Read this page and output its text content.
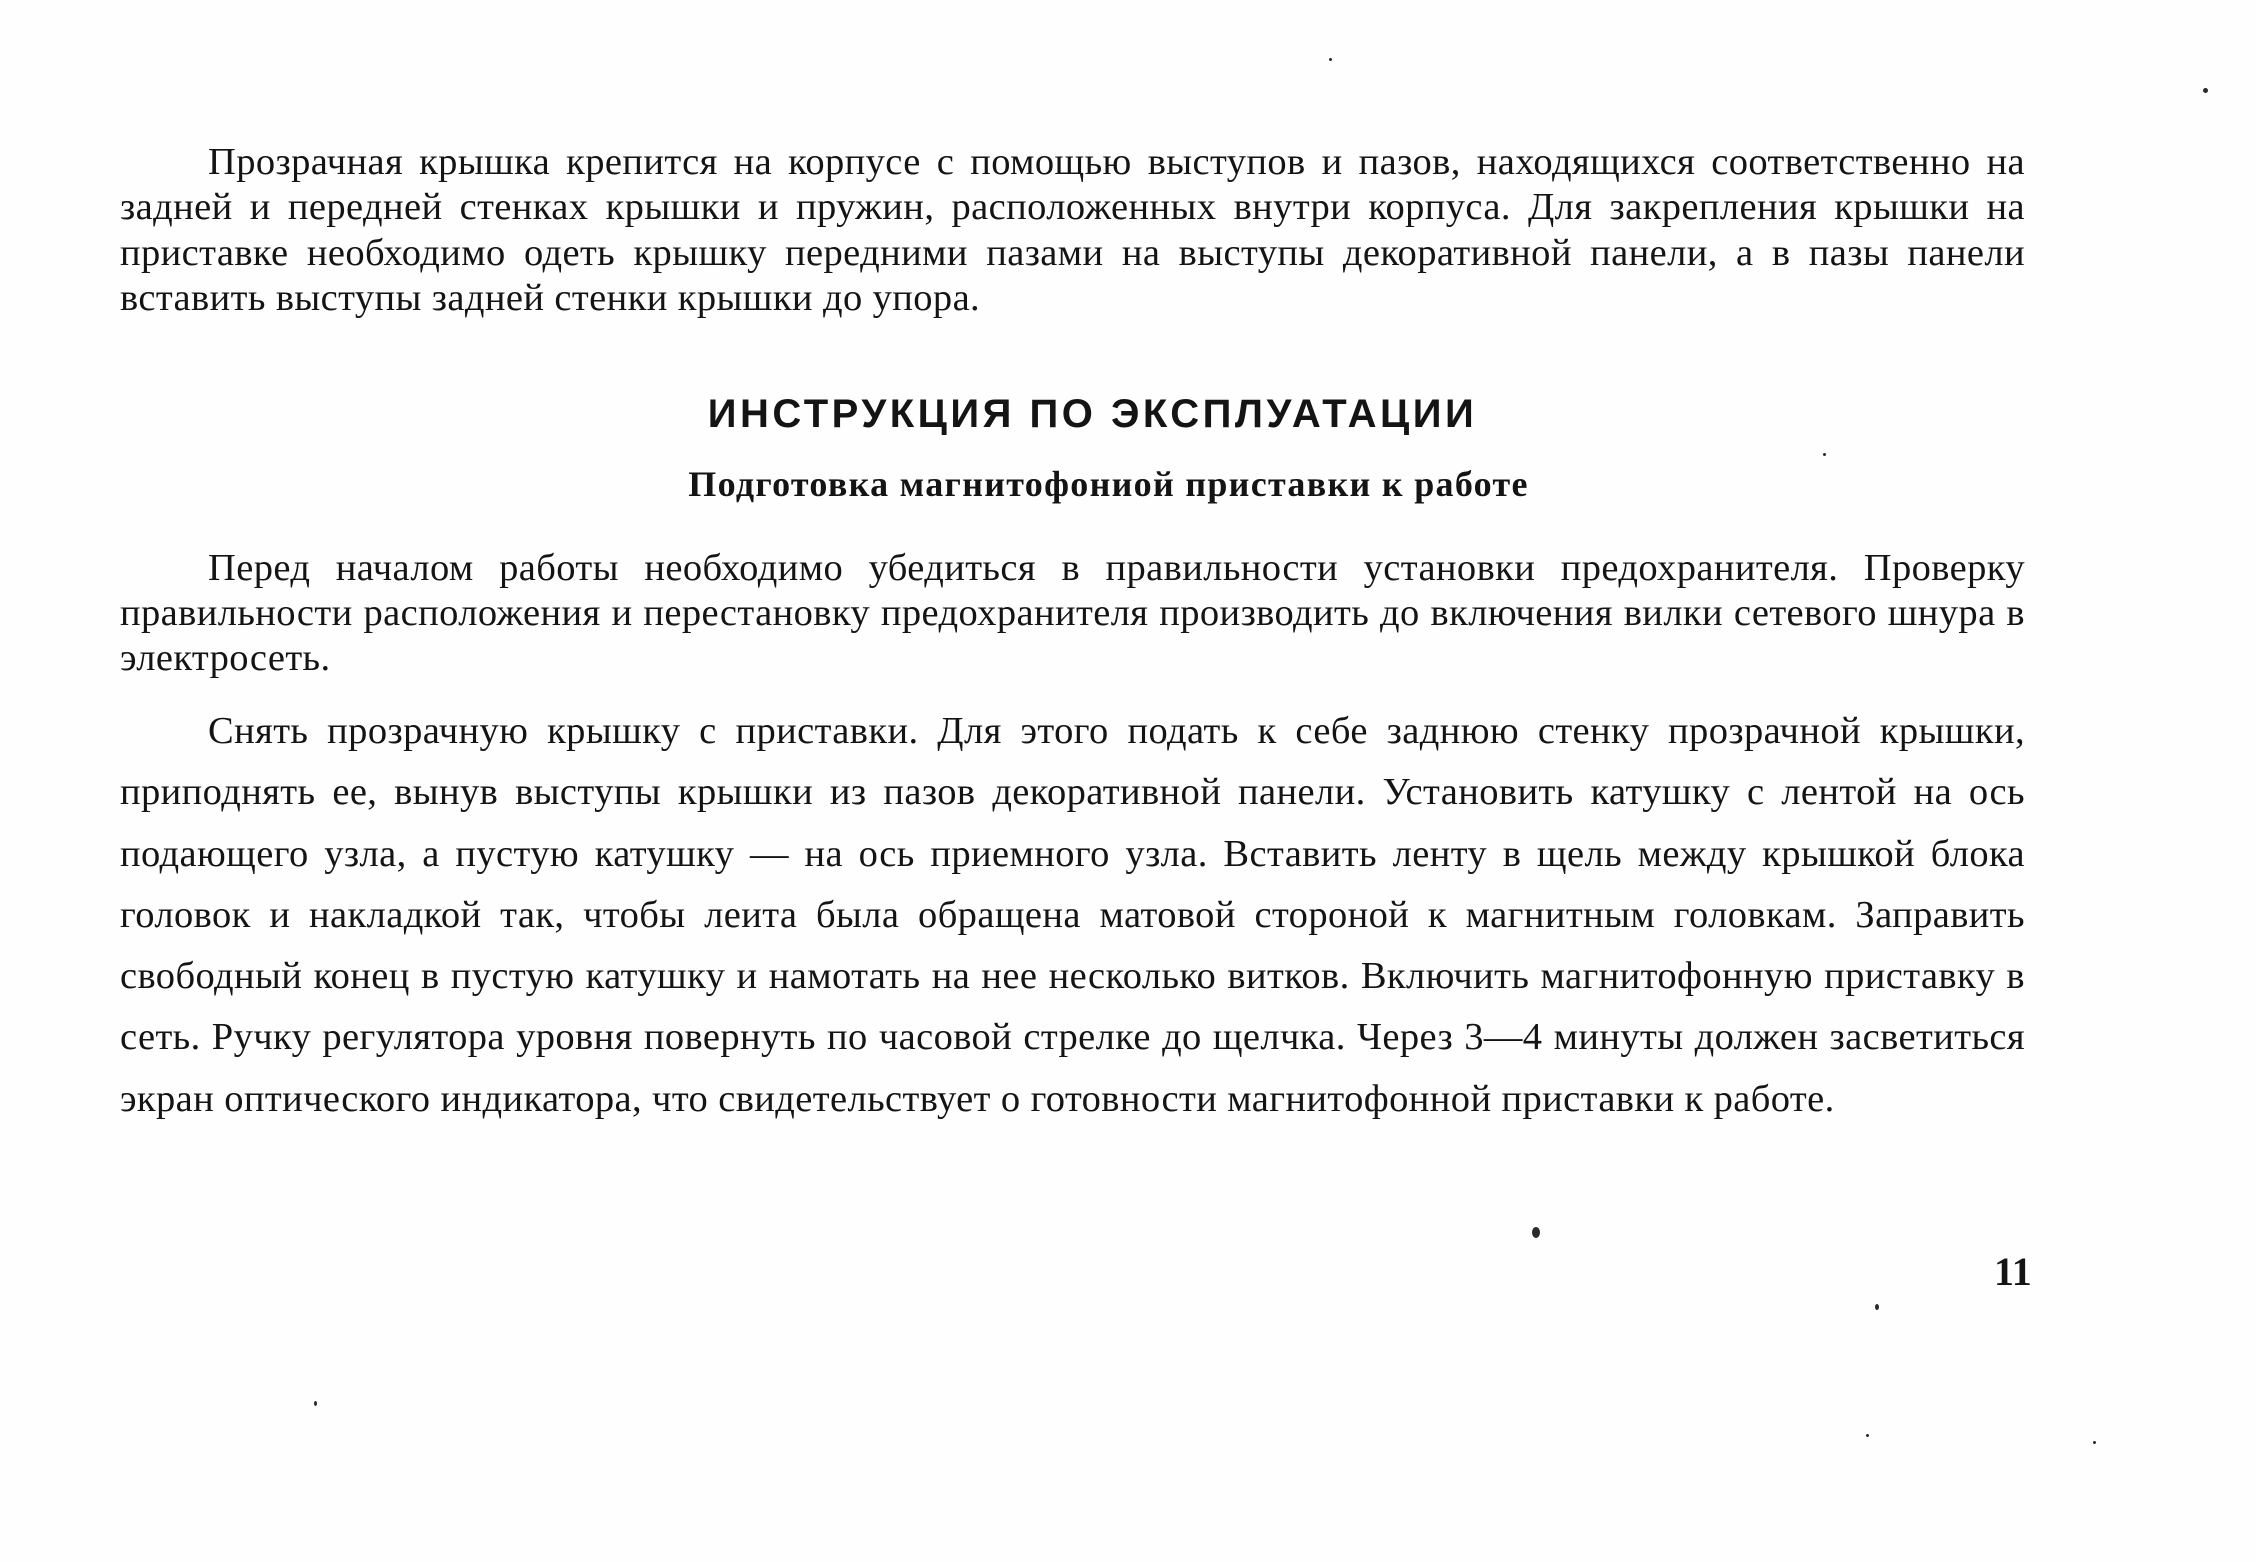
Прозрачная крышка крепится на корпусе с помощью выступов и пазов, находящихся соответственно на задней и передней стенках крышки и пружин, расположенных внутри корпуса. Для закрепления крышки на приставке необходимо одеть крышку передними пазами на выступы декоративной панели, а в пазы панели вставить выступы задней стенки крышки до упора.

ИНСТРУКЦИЯ ПО ЭКСПЛУАТАЦИИ
Подготовка магнитофониой приставки к работе

Перед началом работы необходимо убедиться в правильности установки предохранителя. Проверку правильности расположения и перестановку предохранителя производить до включения вилки сетевого шнура в электросеть.

Снять прозрачную крышку с приставки. Для этого подать к себе заднюю стенку прозрачной крышки, приподнять ее, вынув выступы крышки из пазов декоративной панели. Установить катушку с лентой на ось подающего узла, а пустую катушку — на ось приемного узла. Вставить ленту в щель между крышкой блока головок и накладкой так, чтобы леита была обращена матовой стороной к магнитным головкам. Заправить свободный конец в пустую катушку и намотать на нее несколько витков. Включить магнитофонную приставку в сеть. Ручку регулятора уровня повернуть по часовой стрелке до щелчка. Через 3—4 минуты должен засветиться экран оптического индикатора, что свидетельствует о готовности магнитофонной приставки к работе.

11
